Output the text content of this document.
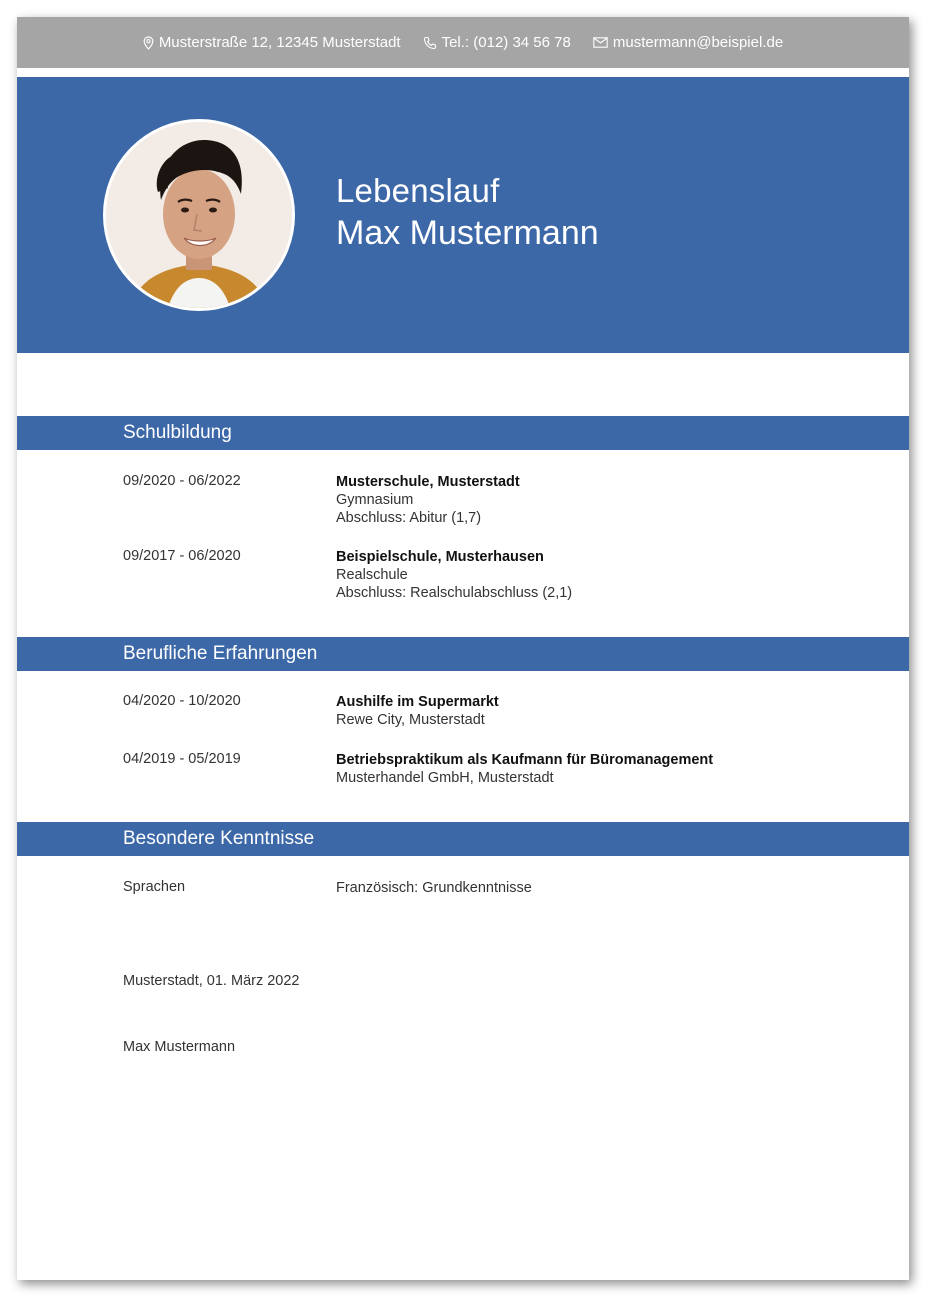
Musterstraße 12, 12345 Musterstadt	Tel.: (012) 34 56 78	mustermann@beispiel.de
Lebenslauf
Max Mustermann
Schulbildung
09/2020 - 06/2022	Musterschule, Musterstadt
Gymnasium
Abschluss: Abitur (1,7)
09/2017 - 06/2020	Beispielschule, Musterhausen
Realschule
Abschluss: Realschulabschluss (2,1)
Berufliche Erfahrungen
04/2020 - 10/2020	Aushilfe im Supermarkt
Rewe City, Musterstadt
04/2019 - 05/2019	Betriebspraktikum als Kaufmann für Büromanagement
Musterhandel GmbH, Musterstadt
Besondere Kenntnisse
Sprachen	Französisch: Grundkenntnisse
Musterstadt, 01. März 2022
Max Mustermann
